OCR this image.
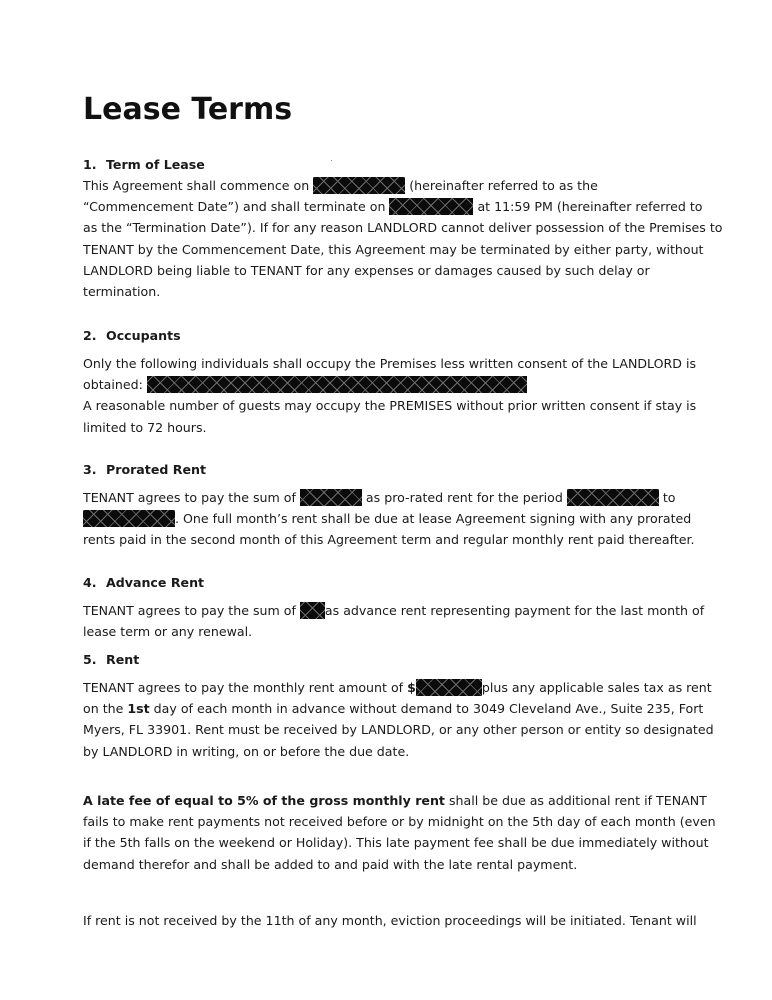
Lease Terms
1. Term of Lease

This Agreement shall commence on	(hereinafter referred to as the
“Commencement Date”) and shall terminate on	at 11:59 PM (hereinafter referred to
as the “Termination Date”). If for any reason LANDLORD cannot deliver possession of the Premises to TENANT by the Commencement Date, this Agreement may be terminated by either party, without LANDLORD being liable to TENANT for any expenses or damages caused by such delay or termination.

2. Occupants

Only the following individuals shall occupy the Premises less written consent of the LANDLORD is obtained:
A reasonable number of guests may occupy the PREMISES without prior written consent if stay is limited to 72 hours.

3. Prorated Rent

TENANT agrees to pay the sum of	as pro-rated rent for the period	to
. One full month’s rent shall be due at lease Agreement signing with any prorated rents paid in the second month of this Agreement term and regular monthly rent paid thereafter.

4. Advance Rent

TENANT agrees to pay the sum of as advance rent representing payment for the last month of lease term or any renewal.

5. Rent

TENANT agrees to pay the monthly rent amount of $	plus any applicable sales tax as rent on the 1st day of each month in advance without demand to 3049 Cleveland Ave., Suite 235, Fort Myers, FL 33901. Rent must be received by LANDLORD, or any other person or entity so designated by LANDLORD in writing, on or before the due date.

A late fee of equal to 5% of the gross monthly rent shall be due as additional rent if TENANT fails to make rent payments not received before or by midnight on the 5th day of each month (even if the 5th falls on the weekend or Holiday). This late payment fee shall be due immediately without demand therefor and shall be added to and paid with the late rental payment.

If rent is not received by the 11th of any month, eviction proceedings will be initiated. Tenant will
